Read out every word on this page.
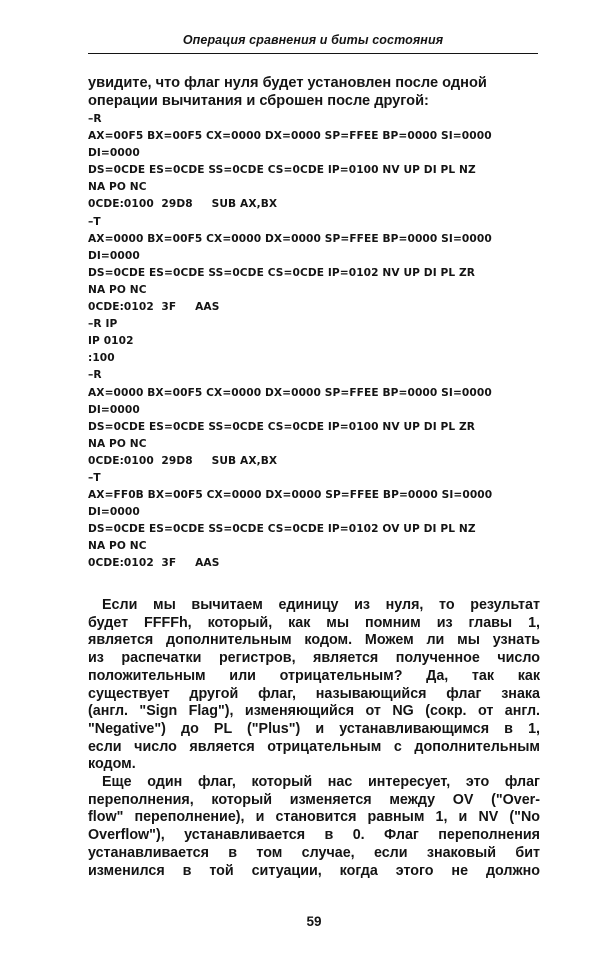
Операция сравнения и биты состояния
увидите, что флаг нуля будет установлен после одной
операции вычитания и сброшен после другой:
–R
AX=00F5 BX=00F5 CX=0000 DX=0000 SP=FFEE BP=0000 SI=0000
DI=0000
DS=0CDE ES=0CDE SS=0CDE CS=0CDE IP=0100 NV UP DI PL NZ
NA PO NC
0CDE:0100  29D8     SUB AX,BX
–T
AX=0000 BX=00F5 CX=0000 DX=0000 SP=FFEE BP=0000 SI=0000
DI=0000
DS=0CDE ES=0CDE SS=0CDE CS=0CDE IP=0102 NV UP DI PL ZR
NA PO NC
0CDE:0102  3F     AAS
–R IP
IP 0102
:100
–R
AX=0000 BX=00F5 CX=0000 DX=0000 SP=FFEE BP=0000 SI=0000
DI=0000
DS=0CDE ES=0CDE SS=0CDE CS=0CDE IP=0100 NV UP DI PL ZR
NA PO NC
0CDE:0100  29D8     SUB AX,BX
–T
AX=FF0B BX=00F5 CX=0000 DX=0000 SP=FFEE BP=0000 SI=0000
DI=0000
DS=0CDE ES=0CDE SS=0CDE CS=0CDE IP=0102 OV UP DI PL NZ
NA PO NC
0CDE:0102  3F     AAS
Если мы вычитаем единицу из нуля, то результат
будет FFFFh, который, как мы помним из главы 1,
является дополнительным кодом. Можем ли мы узнать
из распечатки регистров, является полученное число
положительным или отрицательным? Да, так как
существует другой флаг, называющийся флаг знака
(англ. "Sign Flag"), изменяющийся от NG (сокр. от англ.
"Negative") до PL ("Plus") и устанавливающимся в 1,
если число является отрицательным с дополнительным
кодом.
Еще один флаг, который нас интересует, это флаг
переполнения, который изменяется между OV ("Over-
flow" переполнение), и становится равным 1, и NV ("No
Overflow"), устанавливается в 0. Флаг переполнения
устанавливается в том случае, если знаковый бит
изменился в той ситуации, когда этого не должно
59
